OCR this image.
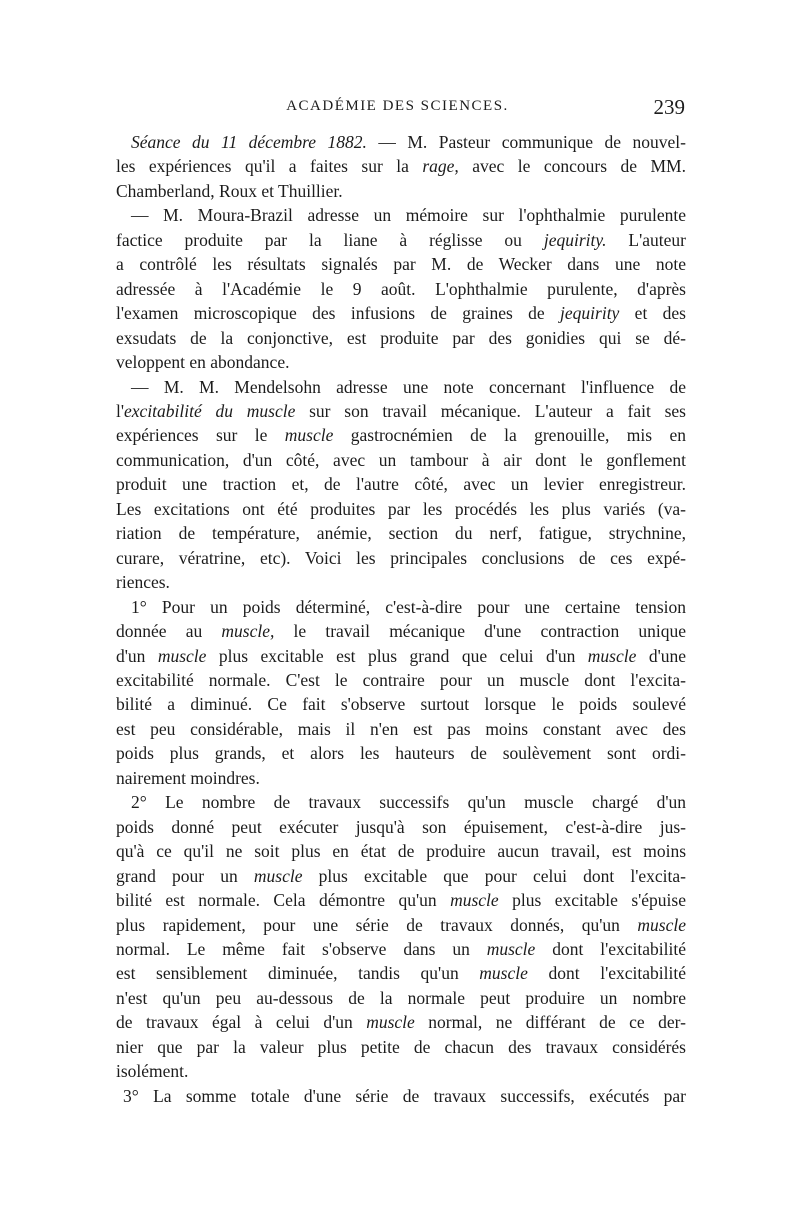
ACADÉMIE DES SCIENCES.	239
Séance du 11 décembre 1882. — M. Pasteur communique de nouvel-
les expériences qu'il a faites sur la rage, avec le concours de MM.
Chamberland, Roux et Thuillier.
— M. Moura-Brazil adresse un mémoire sur l'ophthalmie purulente
factice produite par la liane à réglisse ou jequirity. L'auteur
a contrôlé les résultats signalés par M. de Wecker dans une note
adressée à l'Académie le 9 août. L'ophthalmie purulente, d'après
l'examen microscopique des infusions de graines de jequirity et des
exsudats de la conjonctive, est produite par des gonidies qui se dé-
veloppent en abondance.
— M. M. Mendelsohn adresse une note concernant l'influence de
l'excitabilité du muscle sur son travail mécanique. L'auteur a fait ses
expériences sur le muscle gastrocnémien de la grenouille, mis en
communication, d'un côté, avec un tambour à air dont le gonflement
produit une traction et, de l'autre côté, avec un levier enregistreur.
Les excitations ont été produites par les procédés les plus variés (va-
riation de température, anémie, section du nerf, fatigue, strychnine,
curare, vératrine, etc). Voici les principales conclusions de ces expé-
riences.
1° Pour un poids déterminé, c'est-à-dire pour une certaine tension
donnée au muscle, le travail mécanique d'une contraction unique
d'un muscle plus excitable est plus grand que celui d'un muscle d'une
excitabilité normale. C'est le contraire pour un muscle dont l'excita-
bilité a diminué. Ce fait s'observe surtout lorsque le poids soulevé
est peu considérable, mais il n'en est pas moins constant avec des
poids plus grands, et alors les hauteurs de soulèvement sont ordi-
nairement moindres.
2° Le nombre de travaux successifs qu'un muscle chargé d'un
poids donné peut exécuter jusqu'à son épuisement, c'est-à-dire jus-
qu'à ce qu'il ne soit plus en état de produire aucun travail, est moins
grand pour un muscle plus excitable que pour celui dont l'excita-
bilité est normale. Cela démontre qu'un muscle plus excitable s'épuise
plus rapidement, pour une série de travaux donnés, qu'un muscle
normal. Le même fait s'observe dans un muscle dont l'excitabilité
est sensiblement diminuée, tandis qu'un muscle dont l'excitabilité
n'est qu'un peu au-dessous de la normale peut produire un nombre
de travaux égal à celui d'un muscle normal, ne différant de ce der-
nier que par la valeur plus petite de chacun des travaux considérés
isolément.
3° La somme totale d'une série de travaux successifs, exécutés par
